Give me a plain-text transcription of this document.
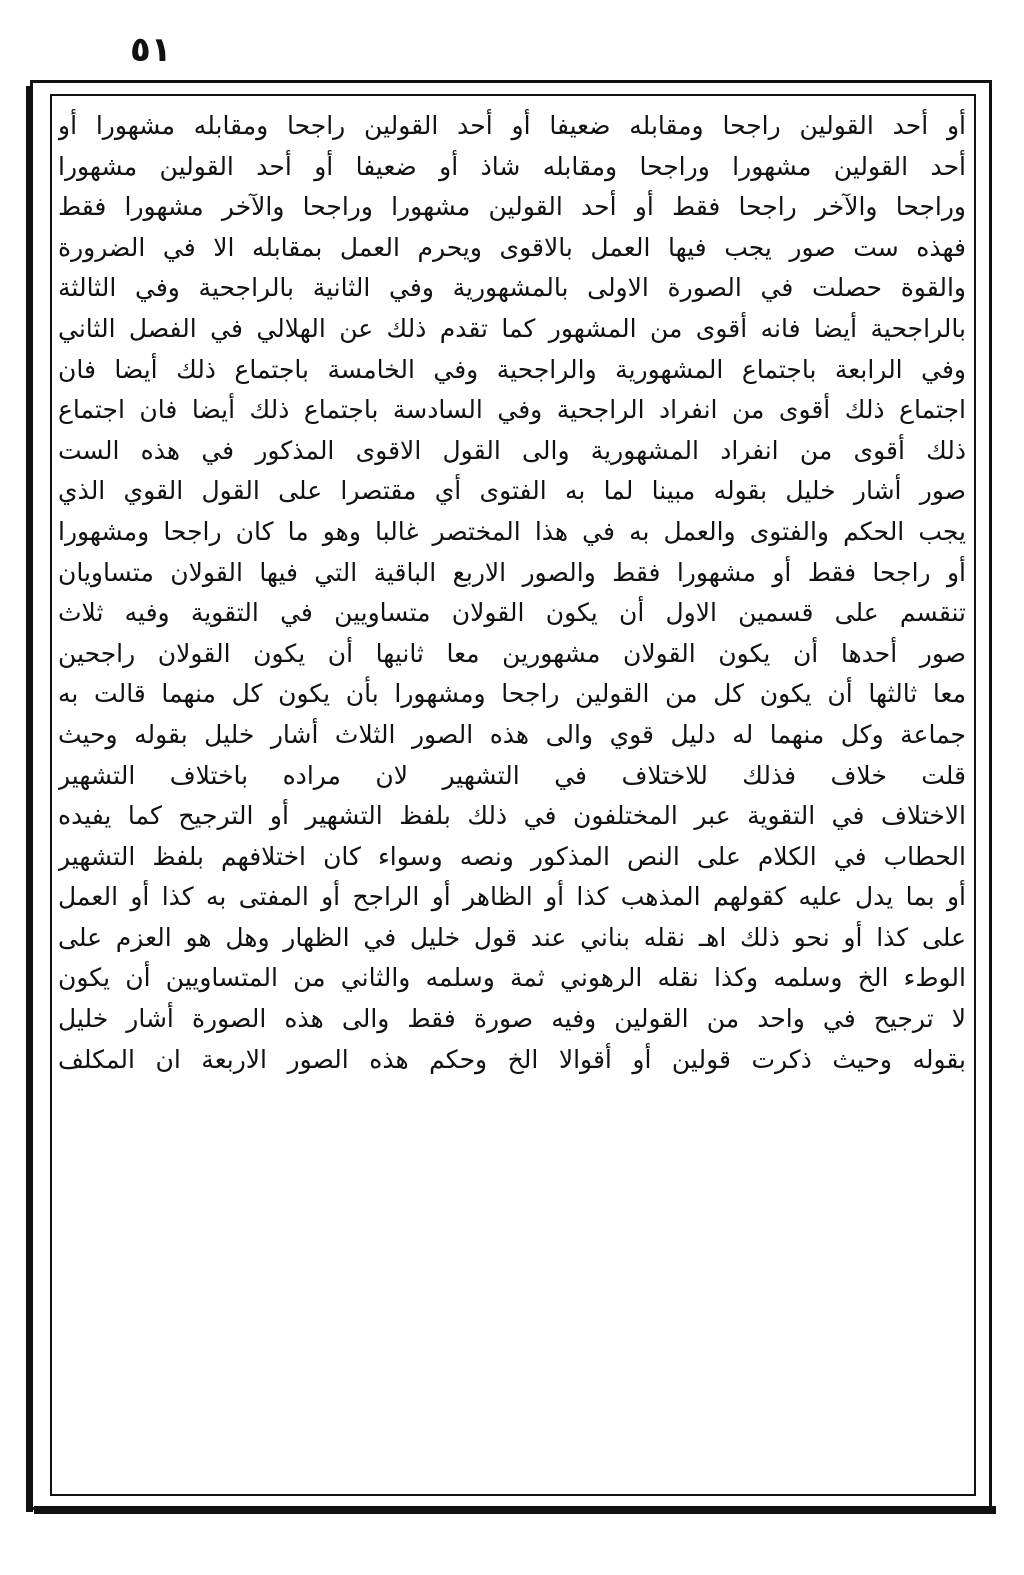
٥١
أو أحد القولين راجحا ومقابله ضعيفا أو أحد القولين راجحا ومقابله مشهورا أو
أحد القولين مشهورا وراجحا ومقابله شاذ أو ضعيفا أو أحد القولين مشهورا
وراجحا والآخر راجحا فقط أو أحد القولين مشهورا وراجحا والآخر مشهورا فقط
فهذه ست صور يجب فيها العمل بالاقوى ويحرم العمل بمقابله الا في الضرورة
والقوة حصلت في الصورة الاولى بالمشهورية وفي الثانية بالراجحية وفي الثالثة
بالراجحية أيضا فانه أقوى من المشهور كما تقدم ذلك عن الهلالي في الفصل الثاني
وفي الرابعة باجتماع المشهورية والراجحية وفي الخامسة باجتماع ذلك أيضا فان
اجتماع ذلك أقوى من انفراد الراجحية وفي السادسة باجتماع ذلك أيضا فان اجتماع
ذلك أقوى من انفراد المشهورية والى القول الاقوى المذكور في هذه الست
صور أشار خليل بقوله مبينا لما به الفتوى أي مقتصرا على القول القوي الذي
يجب الحكم والفتوى والعمل به في هذا المختصر غالبا وهو ما كان راجحا ومشهورا
أو راجحا فقط أو مشهورا فقط والصور الاربع الباقية التي فيها القولان متساويان
تنقسم على قسمين الاول أن يكون القولان متساويين في التقوية وفيه ثلاث
صور أحدها أن يكون القولان مشهورين معا ثانيها أن يكون القولان راجحين
معا ثالثها أن يكون كل من القولين راجحا ومشهورا بأن يكون كل منهما قالت به
جماعة وكل منهما له دليل قوي والى هذه الصور الثلاث أشار خليل بقوله وحيث
قلت خلاف فذلك للاختلاف في التشهير لان مراده باختلاف التشهير
الاختلاف في التقوية عبر المختلفون في ذلك بلفظ التشهير أو الترجيح كما يفيده
الحطاب في الكلام على النص المذكور ونصه وسواء كان اختلافهم بلفظ التشهير
أو بما يدل عليه كقولهم المذهب كذا أو الظاهر أو الراجح أو المفتى به كذا أو العمل
على كذا أو نحو ذلك اهـ نقله بناني عند قول خليل في الظهار وهل هو العزم على
الوطء الخ وسلمه وكذا نقله الرهوني ثمة وسلمه والثاني من المتساويين أن يكون
لا ترجيح في واحد من القولين وفيه صورة فقط والى هذه الصورة أشار خليل
بقوله وحيث ذكرت قولين أو أقوالا الخ وحكم هذه الصور الاربعة ان المكلف
